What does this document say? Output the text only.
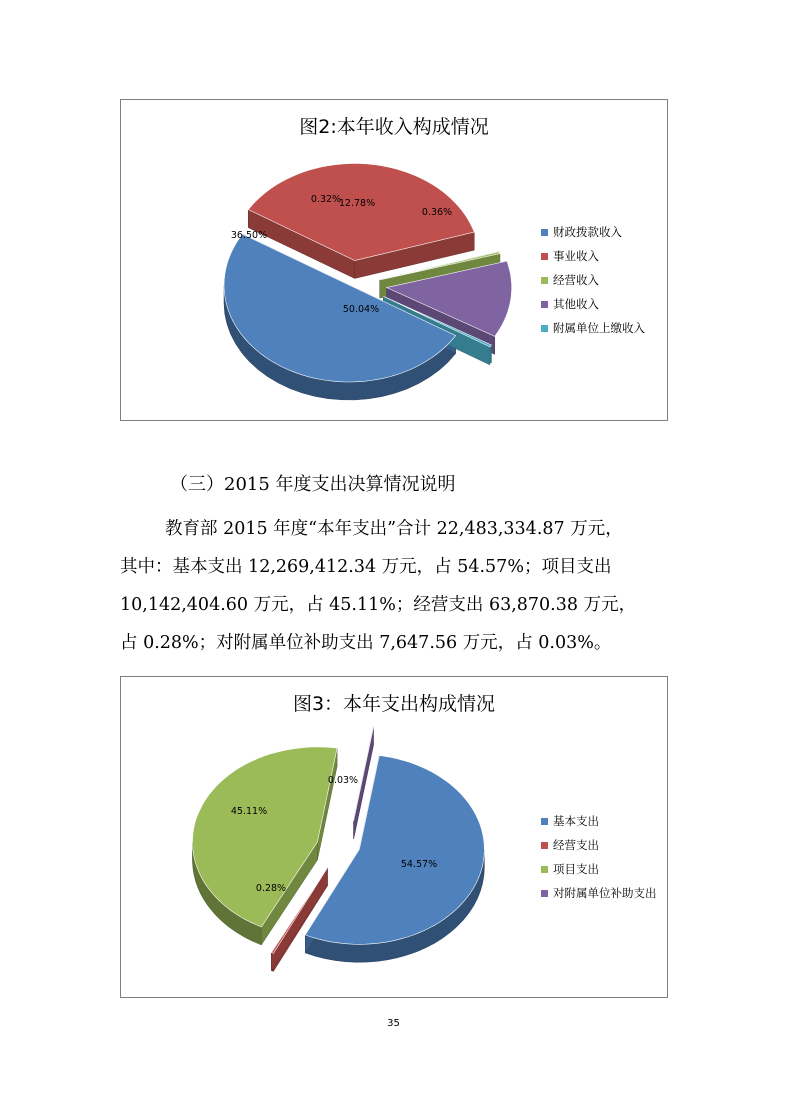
图2:本年收入构成情况
50.04%
36.50%
0.32%
12.78%
0.36%
财政拨款收入
事业收入
经营收入
其他收入
附属单位上缴收入
（三）2015 年度支出决算情况说明
教育部 2015 年度“本年支出”合计 22,483,334.87 万元，
其中：基本支出 12,269,412.34 万元，占 54.57%；项目支出
10,142,404.60 万元，占 45.11%；经营支出 63,870.38 万元，
占 0.28%；对附属单位补助支出 7,647.56 万元，占 0.03%。
图3：本年支出构成情况
54.57%
0.28%
45.11%
0.03%
基本支出
经营支出
项目支出
对附属单位补助支出
35
